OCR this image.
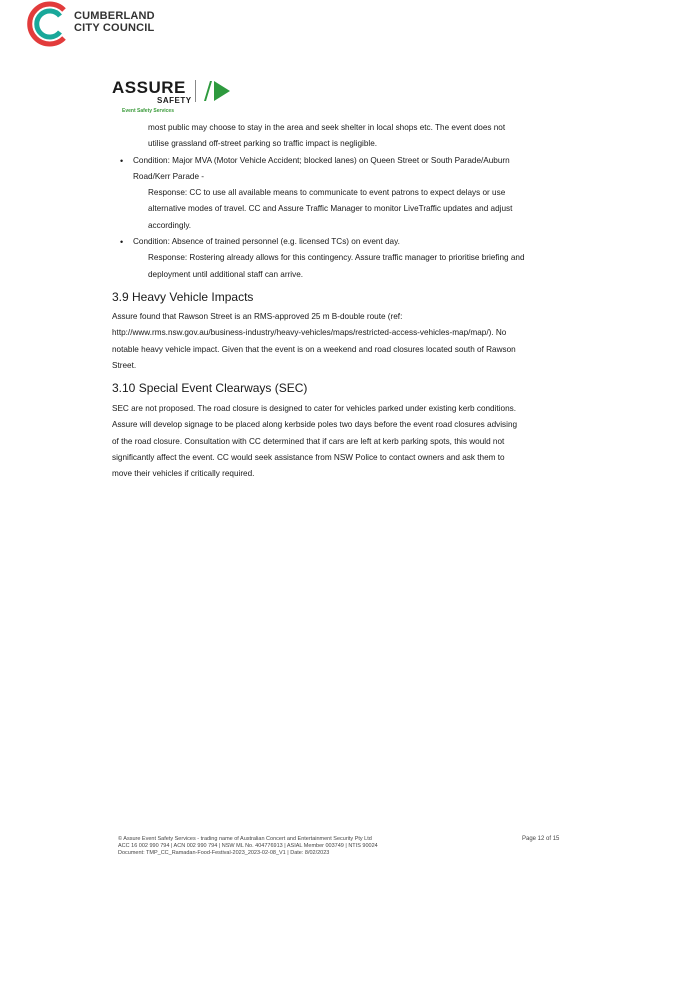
CUMBERLAND
CITY COUNCIL
ASSURE
SAFETY
Event Safety Services

most public may choose to stay in the area and seek shelter in local shops etc. The event does not

utilise grassland off-street parking so traffic impact is negligible.

• Condition: Major MVA (Motor Vehicle Accident; blocked lanes) on Queen Street or South Parade/Auburn

Road/Kerr Parade -

Response: CC to use all available means to communicate to event patrons to expect delays or use

alternative modes of travel. CC and Assure Traffic Manager to monitor LiveTraffic updates and adjust

accordingly.

• Condition: Absence of trained personnel (e.g. licensed TCs) on event day.

Response: Rostering already allows for this contingency. Assure traffic manager to prioritise briefing and

deployment until additional staff can arrive.

3.9 Heavy Vehicle Impacts

Assure found that Rawson Street is an RMS-approved 25 m B-double route (ref:

http://www.rms.nsw.gov.au/business-industry/heavy-vehicles/maps/restricted-access-vehicles-map/map/). No

notable heavy vehicle impact. Given that the event is on a weekend and road closures located south of Rawson

Street.

3.10 Special Event Clearways (SEC)

SEC are not proposed. The road closure is designed to cater for vehicles parked under existing kerb conditions.

Assure will develop signage to be placed along kerbside poles two days before the event road closures advising

of the road closure. Consultation with CC determined that if cars are left at kerb parking spots, this would not

significantly affect the event. CC would seek assistance from NSW Police to contact owners and ask them to

move their vehicles if critically required.

© Assure Event Safety Services - trading name of Australian Concert and Entertainment Security Pty Ltd
ACC 16 002 990 794 | ACN 002 990 794 | NSW ML No. 404776913 | ASIAL Member 003749 | NTIS 90024
Document: TMP_CC_Ramadan-Food-Festival-2023_2023-02-08_V1 | Date: 8/02/2023
Page 12 of 15
